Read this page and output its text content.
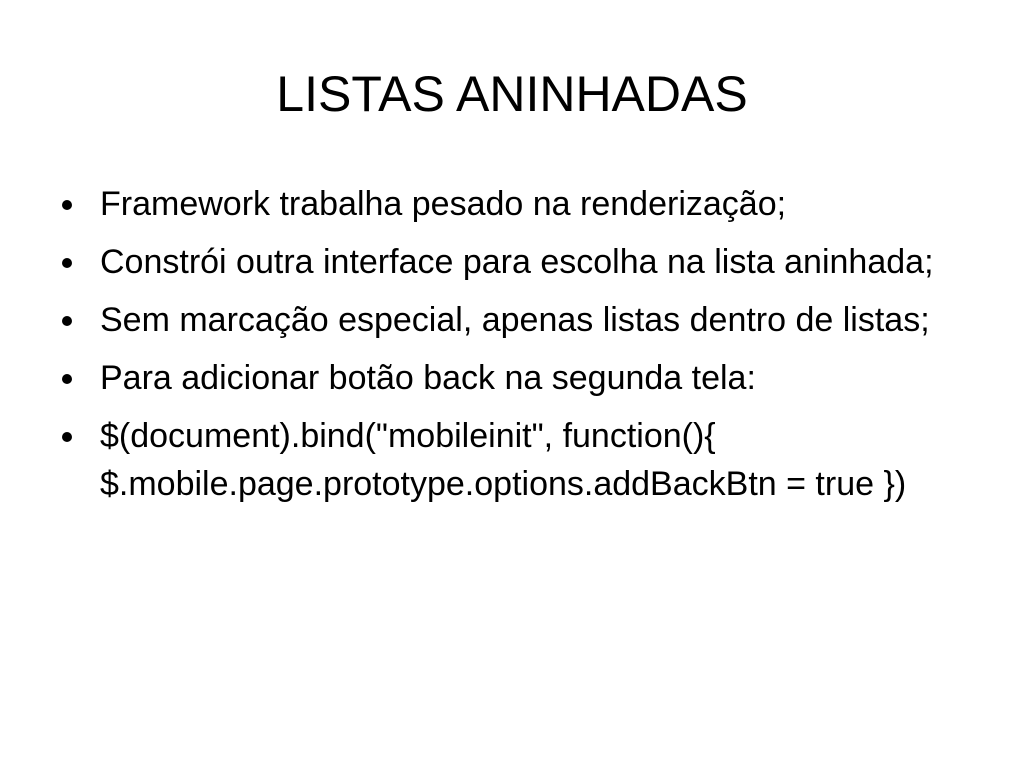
LISTAS ANINHADAS
Framework trabalha pesado na renderização;
Constrói outra interface para escolha na lista aninhada;
Sem marcação especial, apenas listas dentro de listas;
Para adicionar botão back na segunda tela:
$(document).bind("mobileinit", function(){ $.mobile.page.prototype.options.addBackBtn = true })
